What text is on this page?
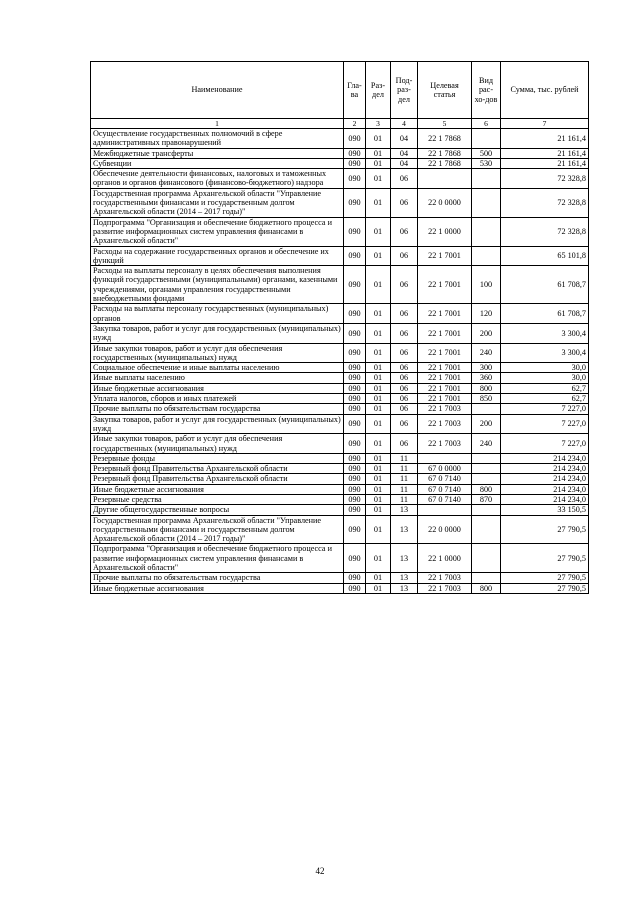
Наименование	Гла-ва	Раз-дел	Под-раз-дел	Целевая статья	Вид рас-хо-дов	Сумма, тыс. рублей
1	2	3	4	5	6	7
Осуществление государственных полномочий в сфере административных правонарушений	090	01	04	22 1 7868		21 161,4
Межбюджетные трансферты	090	01	04	22 1 7868	500	21 161,4
Субвенции	090	01	04	22 1 7868	530	21 161,4
Обеспечение деятельности финансовых, налоговых и таможенных органов и органов финансового (финансово-бюджетного) надзора	090	01	06			72 328,8
Государственная программа Архангельской области "Управление государственными финансами и государственным долгом Архангельской области (2014 – 2017 годы)"	090	01	06	22 0 0000		72 328,8
Подпрограмма "Организация и обеспечение бюджетного процесса и развитие информационных систем управления финансами в Архангельской области"	090	01	06	22 1 0000		72 328,8
Расходы на содержание государственных органов и обеспечение их функций	090	01	06	22 1 7001		65 101,8
Расходы на выплаты персоналу в целях обеспечения выполнения функций государственными (муниципальными) органами, казенными учреждениями, органами управления государственными внебюджетными фондами	090	01	06	22 1 7001	100	61 708,7
Расходы на выплаты персоналу государственных (муниципальных) органов	090	01	06	22 1 7001	120	61 708,7
Закупка товаров, работ и услуг для государственных (муниципальных) нужд	090	01	06	22 1 7001	200	3 300,4
Иные закупки товаров, работ и услуг для обеспечения государственных (муниципальных) нужд	090	01	06	22 1 7001	240	3 300,4
Социальное обеспечение и иные выплаты населению	090	01	06	22 1 7001	300	30,0
Иные выплаты населению	090	01	06	22 1 7001	360	30,0
Иные бюджетные ассигнования	090	01	06	22 1 7001	800	62,7
Уплата налогов, сборов и иных платежей	090	01	06	22 1 7001	850	62,7
Прочие выплаты по обязательствам государства	090	01	06	22 1 7003		7 227,0
Закупка товаров, работ и услуг для государственных (муниципальных) нужд	090	01	06	22 1 7003	200	7 227,0
Иные закупки товаров, работ и услуг для обеспечения государственных (муниципальных) нужд	090	01	06	22 1 7003	240	7 227,0
Резервные фонды	090	01	11			214 234,0
Резервный фонд Правительства Архангельской области	090	01	11	67 0 0000		214 234,0
Резервный фонд Правительства Архангельской области	090	01	11	67 0 7140		214 234,0
Иные бюджетные ассигнования	090	01	11	67 0 7140	800	214 234,0
Резервные средства	090	01	11	67 0 7140	870	214 234,0
Другие общегосударственные вопросы	090	01	13			33 150,5
Государственная программа Архангельской области "Управление государственными финансами и государственным долгом Архангельской области (2014 – 2017 годы)"	090	01	13	22 0 0000		27 790,5
Подпрограмма "Организация и обеспечение бюджетного процесса и развитие информационных систем управления финансами в Архангельской области"	090	01	13	22 1 0000		27 790,5
Прочие выплаты по обязательствам государства	090	01	13	22 1 7003		27 790,5
Иные бюджетные ассигнования	090	01	13	22 1 7003	800	27 790,5
42
